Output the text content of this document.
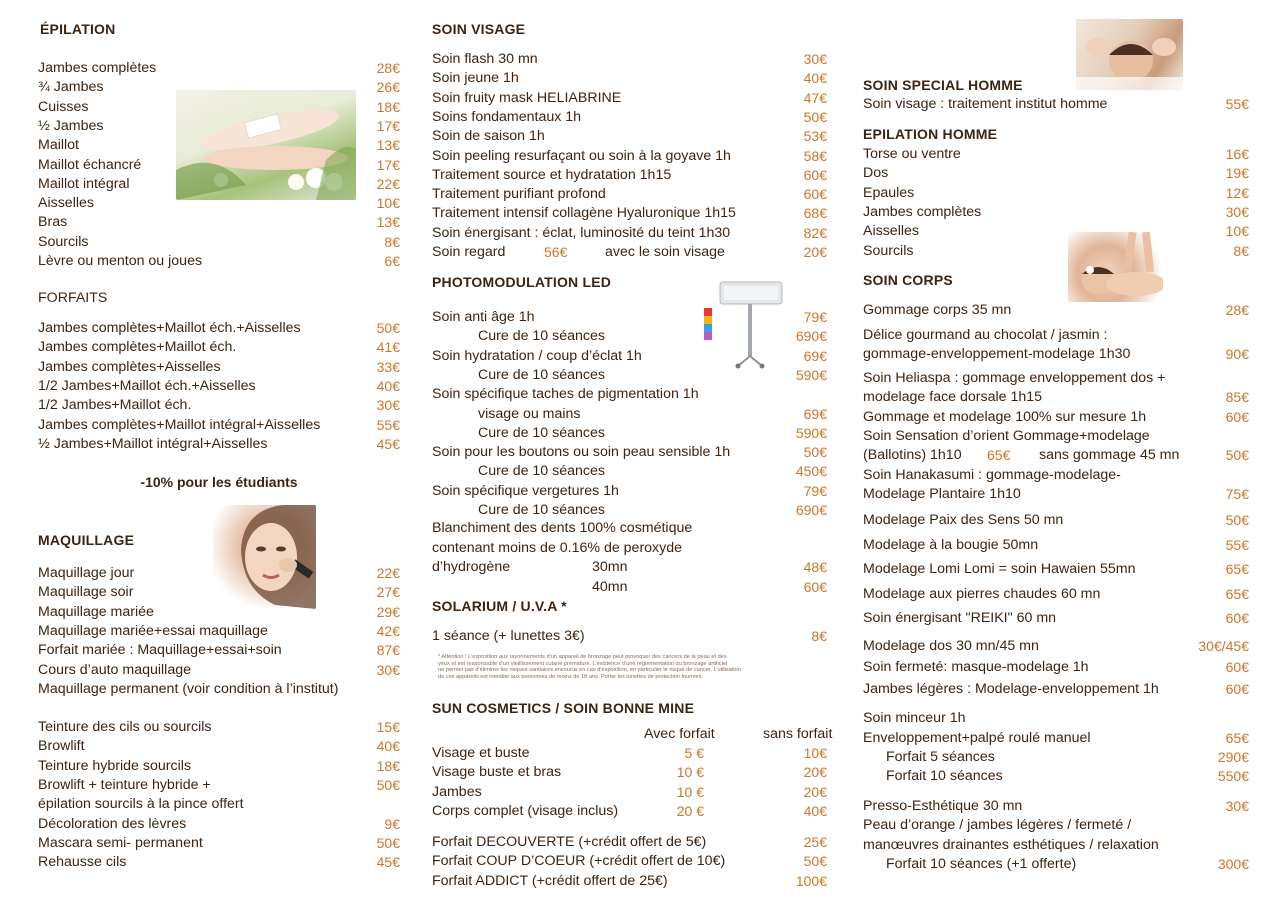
ÉPILATION
Jambes complètes	28€
¾ Jambes	26€
Cuisses	18€
½ Jambes	17€
Maillot	13€
Maillot échancré	17€
Maillot intégral	22€
Aisselles	10€
Bras	13€
Sourcils	8€
Lèvre ou menton ou joues	6€
FORFAITS
Jambes complètes+Maillot éch.+Aisselles	50€
Jambes complètes+Maillot éch.	41€
Jambes complètes+Aisselles	33€
1/2 Jambes+Maillot éch.+Aisselles	40€
1/2 Jambes+Maillot éch.	30€
Jambes complètes+Maillot intégral+Aisselles	55€
½ Jambes+Maillot intégral+Aisselles	45€
-10% pour les étudiants
MAQUILLAGE
Maquillage jour	22€
Maquillage soir	27€
Maquillage mariée	29€
Maquillage mariée+essai maquillage	42€
Forfait mariée : Maquillage+essai+soin	87€
Cours d’auto maquillage	30€
Maquillage permanent (voir condition à l’institut)
Teinture des cils ou sourcils	15€
Browlift	40€
Teinture hybride sourcils	18€
Browlift + teinture hybride +	50€
épilation sourcils à la pince offert
Décoloration des lèvres	9€
Mascara semi- permanent	50€
Rehausse cils	45€
SOIN VISAGE
Soin flash 30 mn	30€
Soin jeune 1h	40€
Soin fruity mask HELIABRINE	47€
Soins fondamentaux 1h	50€
Soin de saison 1h	53€
Soin peeling resurfaçant ou soin à la goyave 1h	58€
Traitement source et hydratation 1h15	60€
Traitement purifiant profond	60€
Traitement intensif collagène Hyaluronique 1h15	68€
Soin énergisant : éclat, luminosité du teint 1h30	82€
Soin regard	56€	avec le soin visage	20€
PHOTOMODULATION LED
Soin anti âge 1h	79€
Cure de 10 séances	690€
Soin hydratation / coup d’éclat 1h	69€
Cure de 10 séances	590€
Soin spécifique taches de pigmentation 1h
visage ou mains	69€
Cure de 10 séances	590€
Soin pour les boutons ou soin peau sensible 1h	50€
Cure de 10 séances	450€
Soin spécifique vergetures 1h	79€
Cure de 10 séances	690€
Blanchiment des dents 100% cosmétique
contenant moins de 0.16% de peroxyde
d’hydrogène	30mn	48€
40mn	60€
SOLARIUM / U.V.A *
1 séance (+ lunettes 3€)	8€
* Attention ! L’exposition aux rayonnements d’un appareil de bronzage peut provoquer des cancers de la peau et des
yeux et est responsable d’un vieillissement cutané prématuré. L’existence d’une réglementation du bronzage artificiel
ne permet pas d’éliminer les risques sanitaires encourus en cas d’exposition, en particulier le risque de cancer. L’utilisation
de ces appareils est interdite aux personnes de moins de 18 ans. Porter les lunettes de protection fournies.
SUN COSMETICS / SOIN BONNE MINE
Avec forfait	sans forfait
Visage et buste	5 €	10€
Visage buste et bras	10 €	20€
Jambes	10 €	20€
Corps complet (visage inclus)	20 €	40€
Forfait DECOUVERTE (+crédit offert de 5€)	25€
Forfait COUP D’COEUR (+crédit offert de 10€)	50€
Forfait ADDICT (+crédit offert de 25€)	100€
SOIN SPECIAL HOMME
Soin visage : traitement institut homme	55€
EPILATION HOMME
Torse ou ventre	16€
Dos	19€
Epaules	12€
Jambes complètes	30€
Aisselles	10€
Sourcils	8€
SOIN CORPS
Gommage corps 35 mn	28€
Délice gourmand au chocolat / jasmin :
gommage-enveloppement-modelage 1h30	90€
Soin Heliaspa : gommage enveloppement dos +
modelage face dorsale 1h15	85€
Gommage et modelage 100% sur mesure 1h	60€
Soin Sensation d’orient Gommage+modelage
(Ballotins) 1h10 65€ sans gommage 45 mn	50€
Soin Hanakasumi : gommage-modelage-
Modelage Plantaire 1h10	75€
Modelage Paix des Sens 50 mn	50€
Modelage à la bougie 50mn	55€
Modelage Lomi Lomi = soin Hawaien 55mn	65€
Modelage aux pierres chaudes 60 mn	65€
Soin énergisant "REIKI" 60 mn	60€
Modelage dos 30 mn/45 mn	30€/45€
Soin fermeté: masque-modelage 1h	60€
Jambes légères : Modelage-enveloppement 1h	60€
Soin minceur 1h
Enveloppement+palpé roulé manuel	65€
Forfait 5 séances	290€
Forfait 10 séances	550€
Presso-Esthétique 30 mn	30€
Peau d’orange / jambes légères / fermeté /
manœuvres drainantes esthétiques / relaxation
Forfait 10 séances (+1 offerte)	300€
